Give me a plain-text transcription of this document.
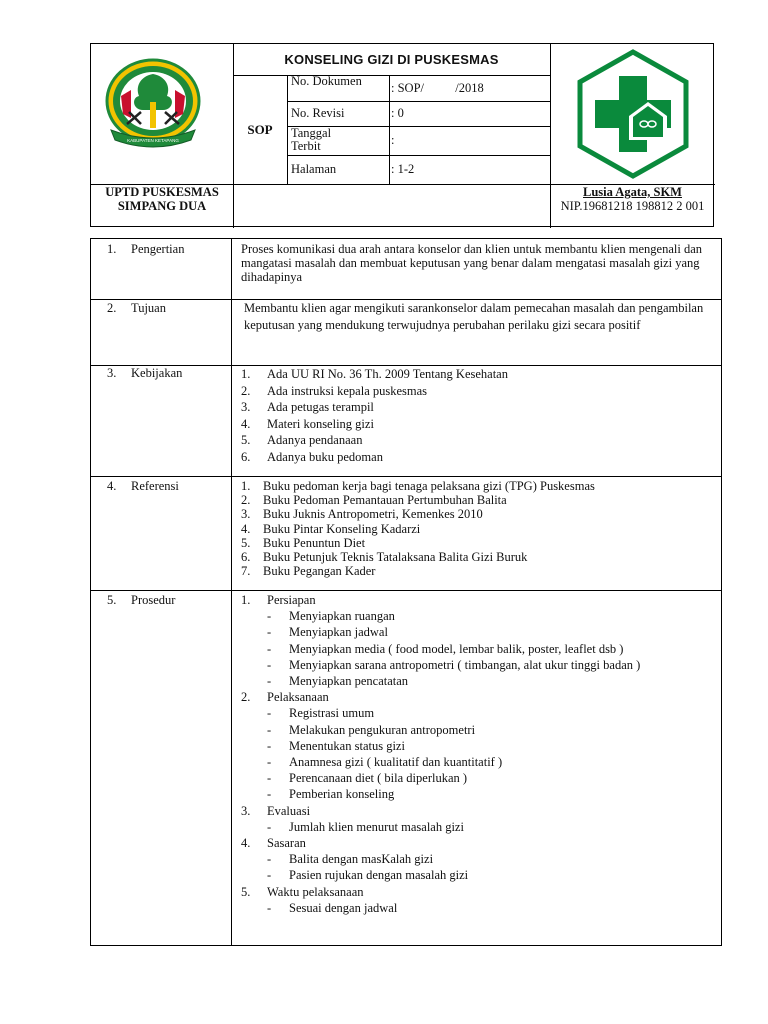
KABUPATEN KETAPANG
KONSELING GIZI DI PUSKESMAS
SOP
No. Dokumen	: SOP/          /2018
No. Revisi	: 0
Tanggal Terbit	:
Halaman	: 1-2
UPTD PUSKESMAS SIMPANG DUA
Lusia Agata, SKM
NIP.19681218 198812 2 001
1. Pengertian	Proses komunikasi dua arah antara konselor dan klien untuk membantu klien mengenali dan mangatasi masalah dan membuat keputusan yang benar dalam mengatasi masalah gizi yang dihadapinya
2. Tujuan	Membantu klien agar mengikuti sarankonselor dalam pemecahan masalah dan pengambilan keputusan yang mendukung terwujudnya perubahan perilaku gizi secara positif
3. Kebijakan	1. Ada UU RI No. 36 Th. 2009 Tentang Kesehatan
2. Ada instruksi kepala puskesmas
3. Ada petugas terampil
4. Materi konseling gizi
5. Adanya pendanaan
6. Adanya buku pedoman
4. Referensi	1. Buku pedoman kerja bagi tenaga pelaksana gizi (TPG) Puskesmas
2. Buku Pedoman Pemantauan Pertumbuhan Balita
3. Buku Juknis Antropometri, Kemenkes 2010
4. Buku Pintar Konseling Kadarzi
5. Buku Penuntun Diet
6. Buku Petunjuk Teknis Tatalaksana Balita Gizi Buruk
7. Buku Pegangan Kader
5. Prosedur	1. Persiapan
- Menyiapkan ruangan
- Menyiapkan jadwal
- Menyiapkan media ( food model, lembar balik, poster, leaflet dsb )
- Menyiapkan sarana antropometri ( timbangan, alat ukur tinggi badan )
- Menyiapkan pencatatan
2. Pelaksanaan
- Registrasi umum
- Melakukan pengukuran antropometri
- Menentukan status gizi
- Anamnesa gizi ( kualitatif dan kuantitatif )
- Perencanaan diet ( bila diperlukan )
- Pemberian konseling
3. Evaluasi
- Jumlah klien menurut masalah gizi
4. Sasaran
- Balita dengan masKalah gizi
- Pasien rujukan dengan masalah gizi
5. Waktu pelaksanaan
- Sesuai dengan jadwal
